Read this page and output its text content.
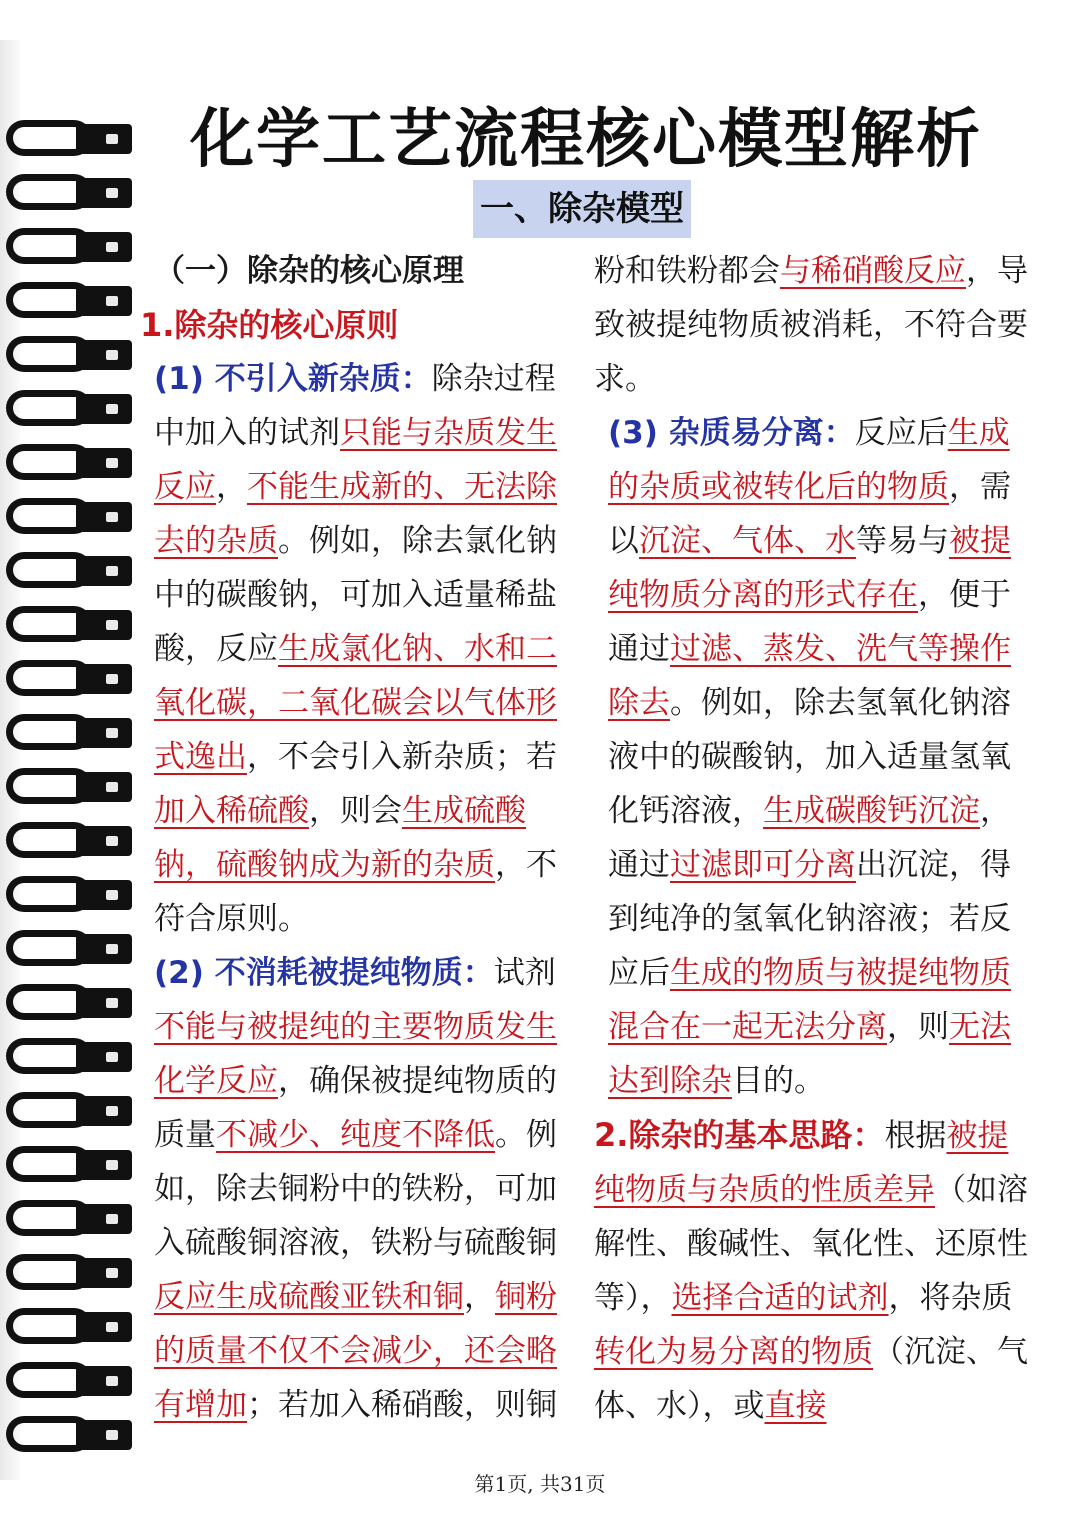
化学工艺流程核心模型解析
一、除杂模型
（一）除杂的核心原理
1.除杂的核心原则
(1) 不引入新杂质：除杂过程中加入的试剂只能与杂质发生反应，不能生成新的、无法除去的杂质。例如，除去氯化钠中的碳酸钠，可加入适量稀盐酸，反应生成氯化钠、水和二氧化碳，二氧化碳会以气体形式逸出，不会引入新杂质；若加入稀硫酸，则会生成硫酸钠，硫酸钠成为新的杂质，不符合原则。
(2) 不消耗被提纯物质：试剂不能与被提纯的主要物质发生化学反应，确保被提纯物质的质量不减少、纯度不降低。例如，除去铜粉中的铁粉，可加入硫酸铜溶液，铁粉与硫酸铜反应生成硫酸亚铁和铜，铜粉的质量不仅不会减少，还会略有增加；若加入稀硝酸，则铜
粉和铁粉都会与稀硝酸反应，导致被提纯物质被消耗，不符合要求。
(3) 杂质易分离：反应后生成的杂质或被转化后的物质，需以沉淀、气体、水等易与被提纯物质分离的形式存在，便于通过过滤、蒸发、洗气等操作除去。例如，除去氢氧化钠溶液中的碳酸钠，加入适量氢氧化钙溶液，生成碳酸钙沉淀，通过过滤即可分离出沉淀，得到纯净的氢氧化钠溶液；若反应后生成的物质与被提纯物质混合在一起无法分离，则无法达到除杂目的。
2.除杂的基本思路：根据被提纯物质与杂质的性质差异（如溶解性、酸碱性、氧化性、还原性等），选择合适的试剂，将杂质转化为易分离的物质（沉淀、气体、水），或直接
第1页, 共31页
